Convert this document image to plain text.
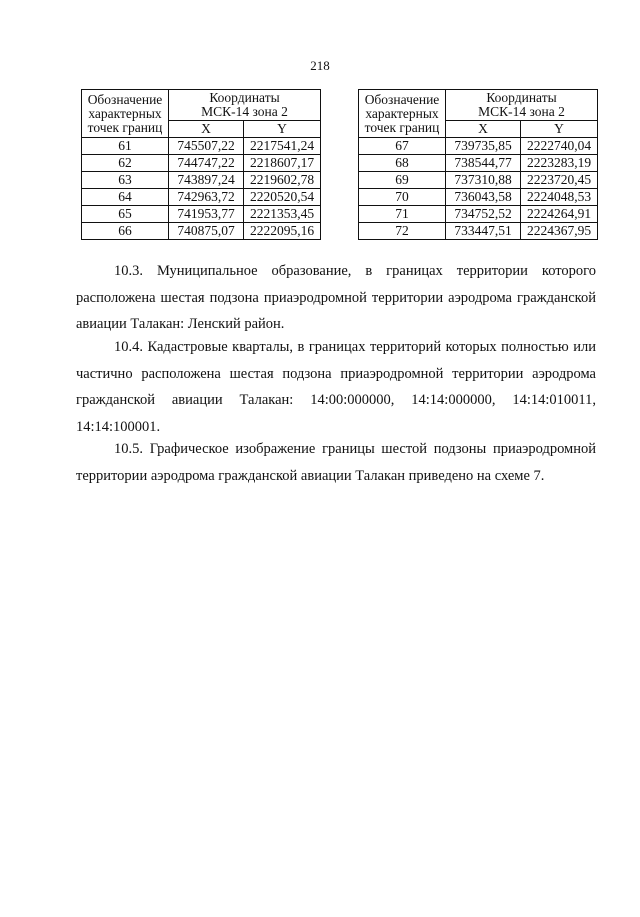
218
Обозначение
характерных
точек границ	Координаты
МСК-14 зона 2	
	X	Y
61	745507,22	2217541,24
62	744747,22	2218607,17
63	743897,24	2219602,78
64	742963,72	2220520,54
65	741953,77	2221353,45
66	740875,07	2222095,16
Обозначение
характерных
точек границ	Координаты
МСК-14 зона 2	
	X	Y
67	739735,85	2222740,04
68	738544,77	2223283,19
69	737310,88	2223720,45
70	736043,58	2224048,53
71	734752,52	2224264,91
72	733447,51	2224367,95

10.3. Муниципальное образование, в границах территории которого расположена шестая подзона приаэродромной территории аэродрома гражданской авиации Талакан: Ленский район.

10.4. Кадастровые кварталы, в границах территорий которых полностью или частично расположена шестая подзона приаэродромной территории аэродрома гражданской авиации Талакан: 14:00:000000, 14:14:000000, 14:14:010011, 14:14:100001.

10.5. Графическое изображение границы шестой подзоны приаэродромной территории аэродрома гражданской авиации Талакан приведено на схеме 7.
